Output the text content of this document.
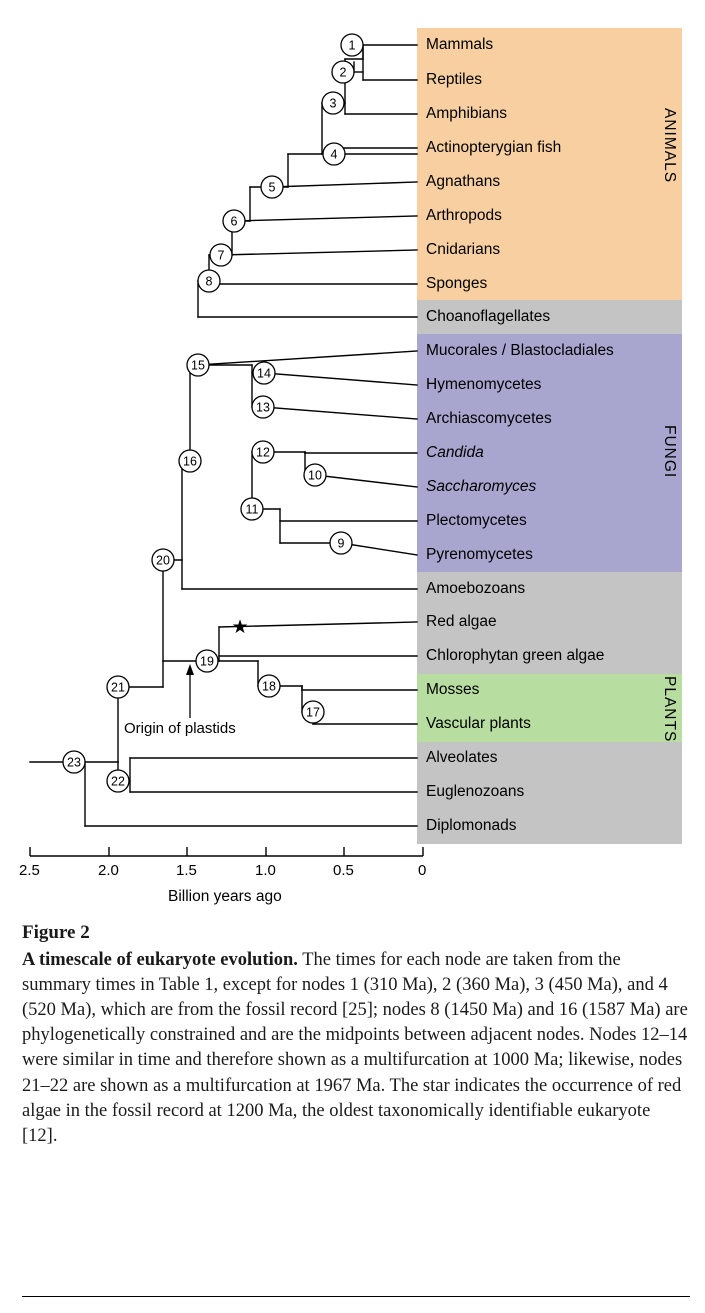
1
2
3
4
5
6
7
8
15
14
13
12
10
11
9
16
20
19
18
17
21
22
23
★
Mammals
Reptiles
Amphibians
Actinopterygian fish
Agnathans
Arthropods
Cnidarians
Sponges
Choanoflagellates
Mucorales / Blastocladiales
Hymenomycetes
Archiascomycetes
Candida
Saccharomyces
Plectomycetes
Pyrenomycetes
Amoebozoans
Red algae
Chlorophytan green algae
Mosses
Vascular plants
Alveolates
Euglenozoans
Diplomonads
ANIMALS
FUNGI
PLANTS
Origin of plastids
2.5	2.0	1.5	1.0	0.5	0
Billion years ago
Figure 2
A timescale of eukaryote evolution. The times for each node are taken from the summary times in Table 1, except for nodes 1 (310 Ma), 2 (360 Ma), 3 (450 Ma), and 4 (520 Ma), which are from the fossil record [25]; nodes 8 (1450 Ma) and 16 (1587 Ma) are phylogenetically constrained and are the midpoints between adjacent nodes. Nodes 12–14 were similar in time and therefore shown as a multifurcation at 1000 Ma; likewise, nodes 21–22 are shown as a multifurcation at 1967 Ma. The star indicates the occurrence of red algae in the fossil record at 1200 Ma, the oldest taxonomically identifiable eukaryote [12].
